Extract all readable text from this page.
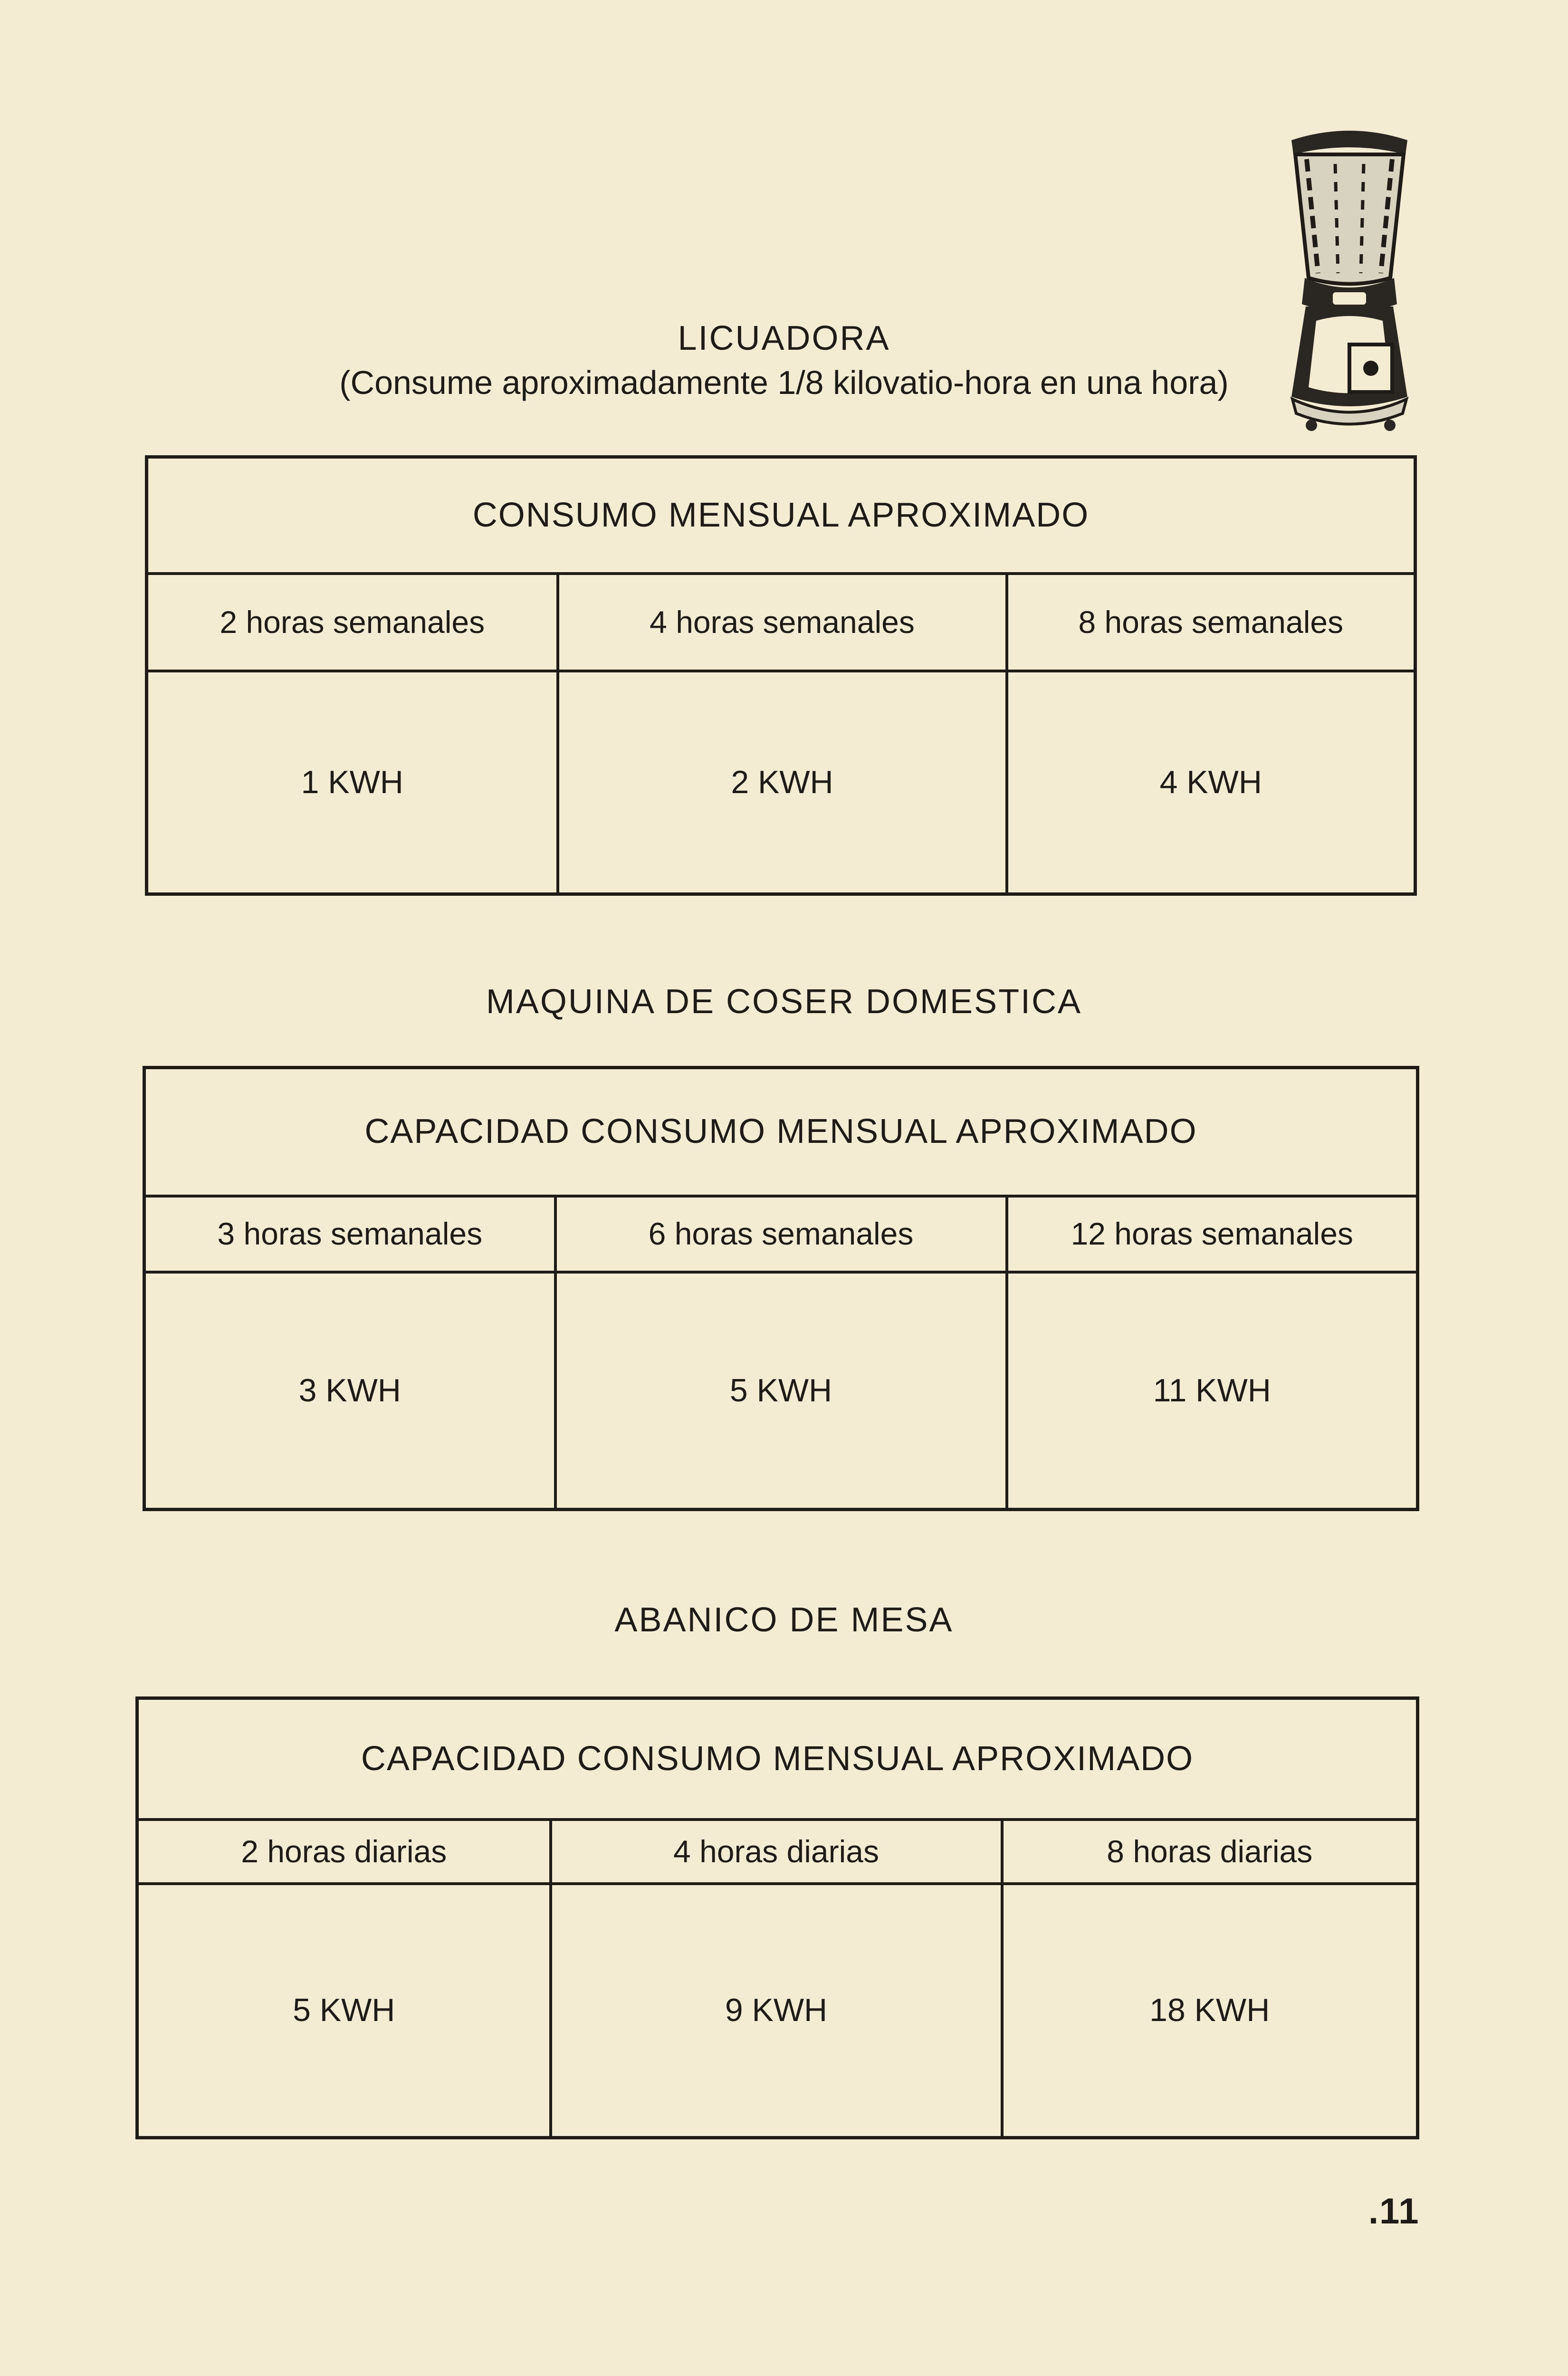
LICUADORA
(Consume aproximadamente 1/8 kilovatio-hora en una hora)
CONSUMO MENSUAL APROXIMADO		
2 horas semanales	4 horas semanales	8 horas semanales
1 KWH	2 KWH	4 KWH
MAQUINA DE COSER DOMESTICA
CAPACIDAD CONSUMO MENSUAL APROXIMADO		
3 horas semanales	6 horas semanales	12 horas semanales
3 KWH	5 KWH	11 KWH
ABANICO DE MESA
CAPACIDAD CONSUMO MENSUAL APROXIMADO		
2 horas diarias	4 horas diarias	8 horas diarias
5 KWH	9 KWH	18 KWH
.11
